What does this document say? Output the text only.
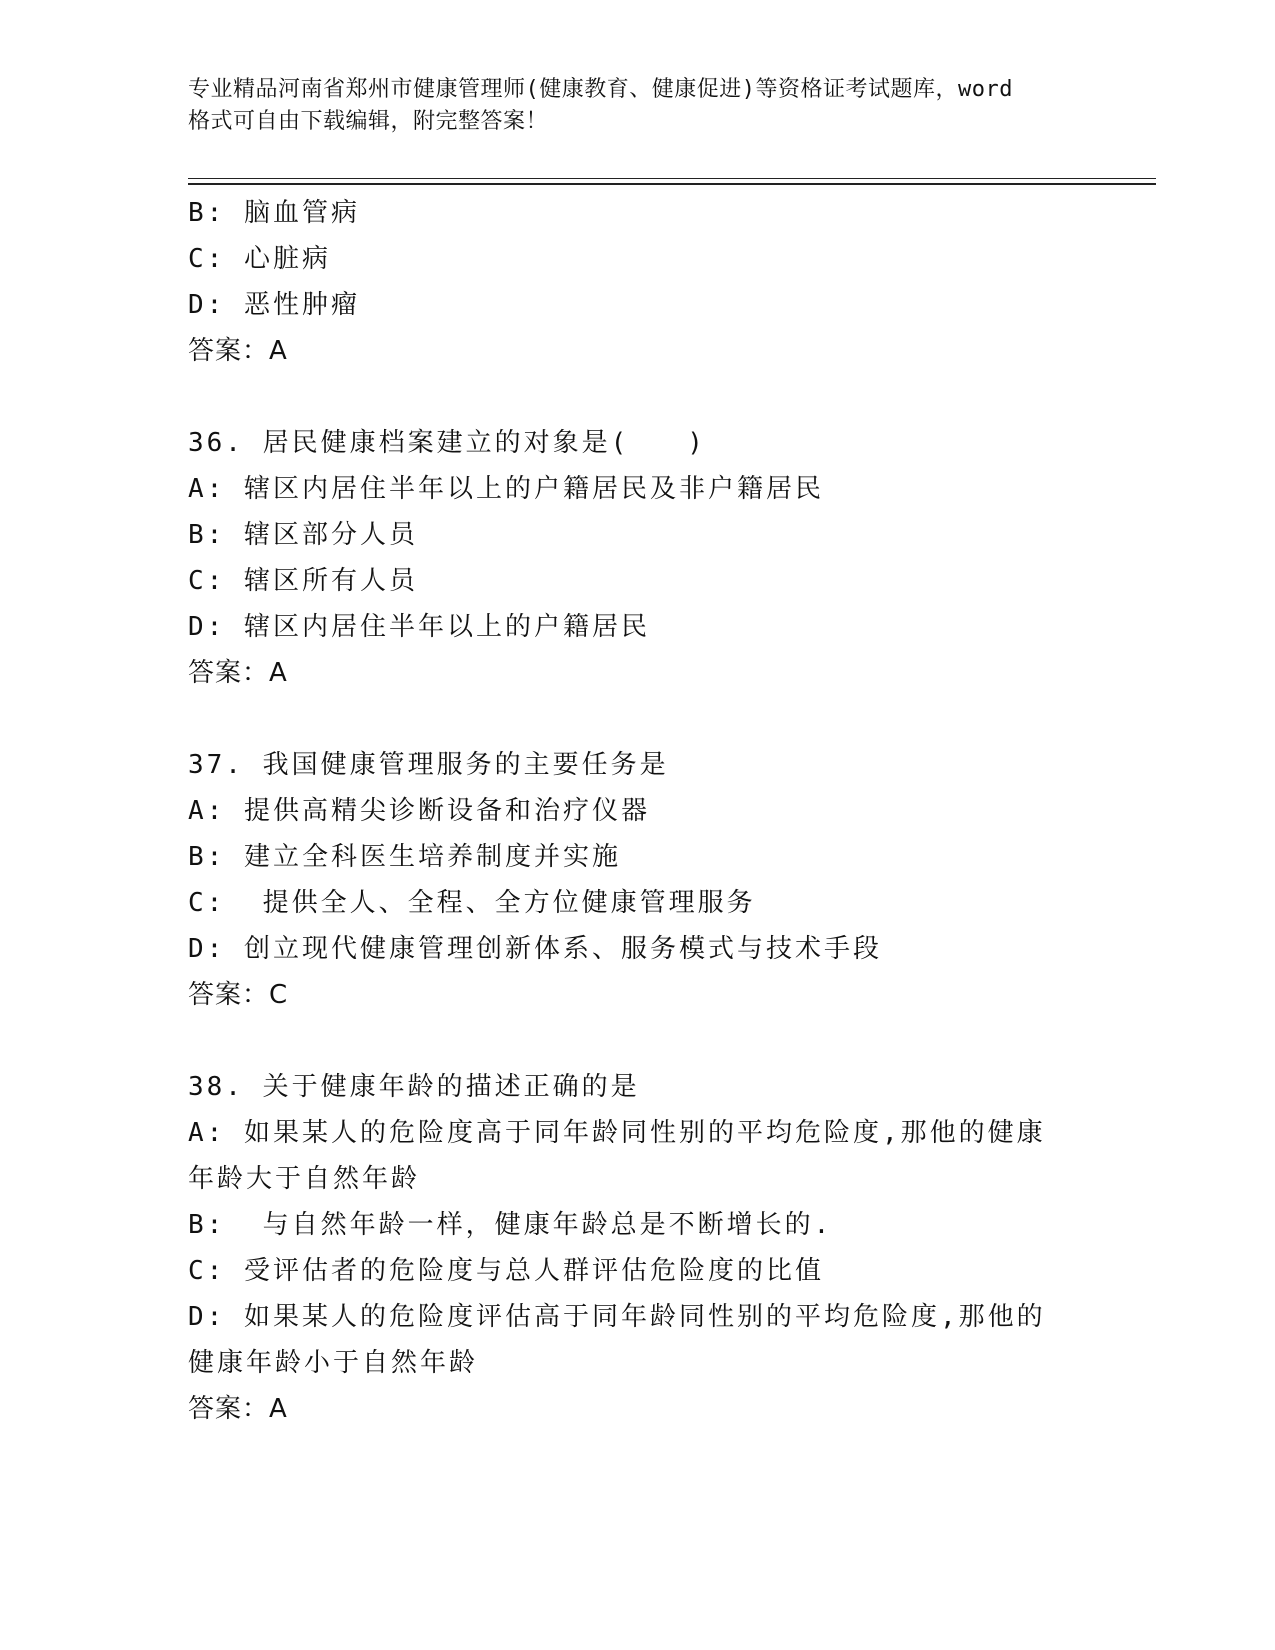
专业精品河南省郑州市健康管理师(健康教育、健康促进)等资格证考试题库，word
格式可自由下载编辑，附完整答案！
B: 脑血管病
C: 心脏病
D: 恶性肿瘤
答案：A
36. 居民健康档案建立的对象是(　　)
A: 辖区内居住半年以上的户籍居民及非户籍居民
B: 辖区部分人员
C: 辖区所有人员
D: 辖区内居住半年以上的户籍居民
答案：A
37. 我国健康管理服务的主要任务是
A: 提供高精尖诊断设备和治疗仪器
B: 建立全科医生培养制度并实施
C:  提供全人、全程、全方位健康管理服务
D: 创立现代健康管理创新体系、服务模式与技术手段
答案：C
38. 关于健康年龄的描述正确的是
A: 如果某人的危险度高于同年龄同性别的平均危险度,那他的健康年龄大于自然年龄
B:  与自然年龄一样，健康年龄总是不断增长的.
C: 受评估者的危险度与总人群评估危险度的比值
D: 如果某人的危险度评估高于同年龄同性别的平均危险度,那他的健康年龄小于自然年龄
答案：A
